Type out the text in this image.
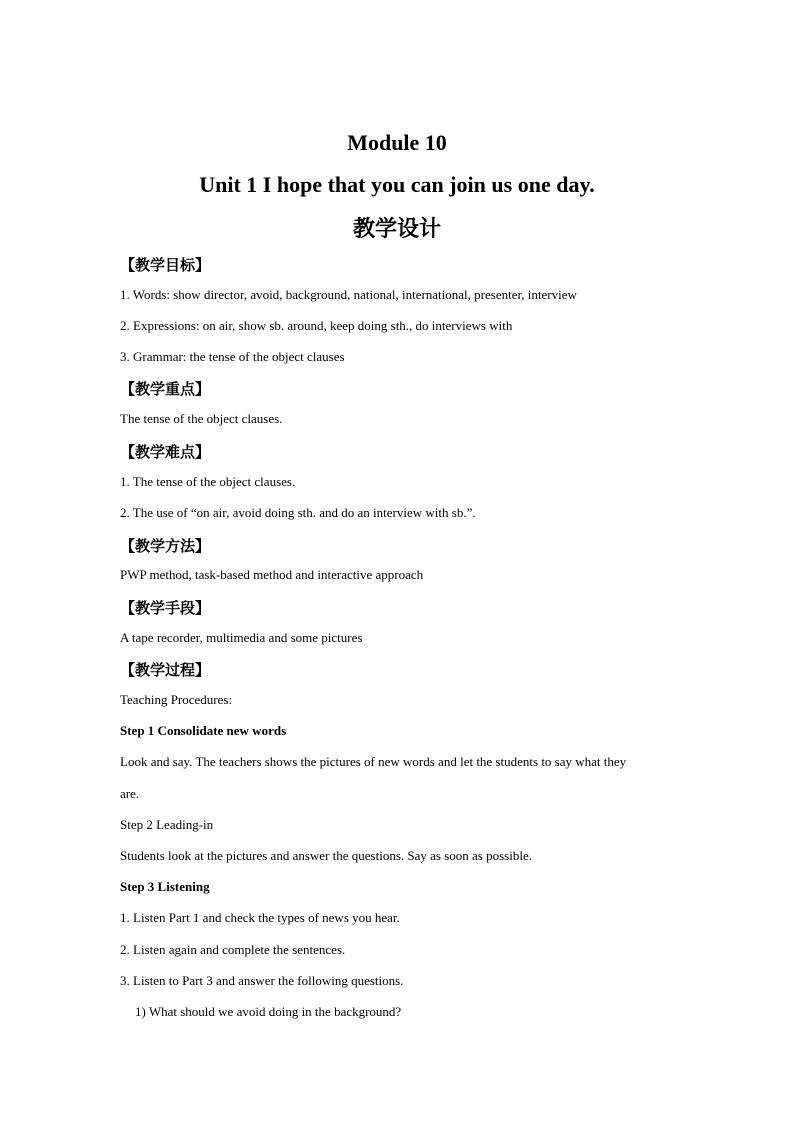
Module 10
Unit 1 I hope that you can join us one day.
教学设计
【教学目标】
1. Words: show director, avoid, background, national, international, presenter, interview
2. Expressions: on air, show sb. around, keep doing sth., do interviews with
3. Grammar: the tense of the object clauses
【教学重点】
The tense of the object clauses.
【教学难点】
1. The tense of the object clauses.
2. The use of “on air, avoid doing sth. and do an interview with sb.”.
【教学方法】
PWP method, task-based method and interactive approach
【教学手段】
A tape recorder, multimedia and some pictures
【教学过程】
Teaching Procedures:
Step 1 Consolidate new words
Look and say. The teachers shows the pictures of new words and let the students to say what they
are.
Step 2 Leading-in
Students look at the pictures and answer the questions. Say as soon as possible.
Step 3 Listening
1. Listen Part 1 and check the types of news you hear.
2. Listen again and complete the sentences.
3. Listen to Part 3 and answer the following questions.
1) What should we avoid doing in the background?
